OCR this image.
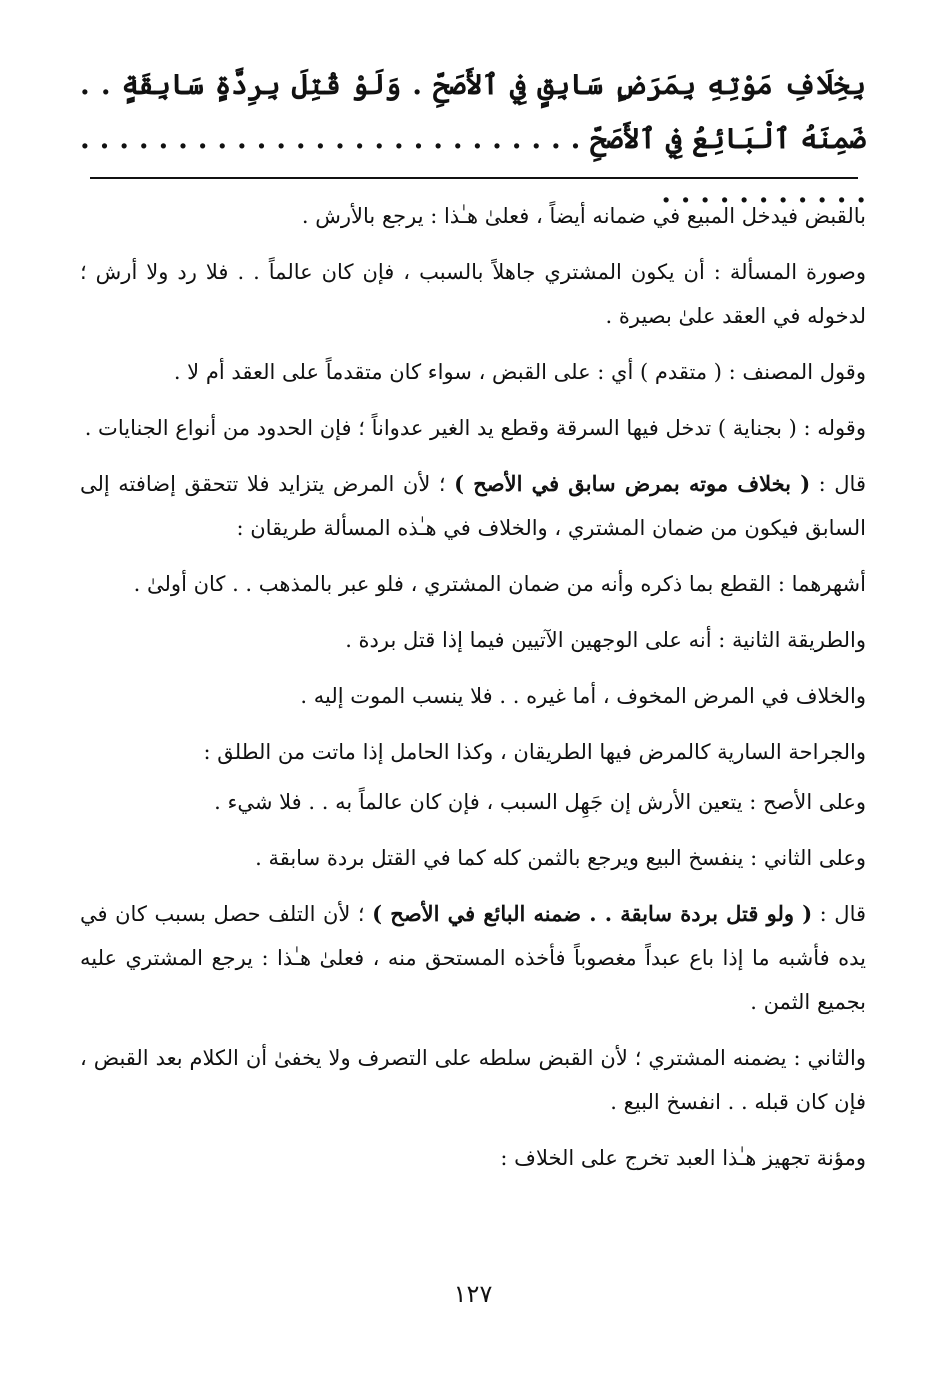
بِخِلَافِ مَوْتِهِ بِمَرَضٍ سَابِقٍ فِي ٱلأَصَحِّ . وَلَوْ قُتِلَ بِرِدَّةٍ سَابِقَةٍ . . ضَمِنَهُ ٱلْبَائِعُ فِي ٱلأَصَحِّ . . . . . . . . . . . . . . . . . . . . . . . . . . . . . . . . . . . . .

بالقبض فيدخل المبيع في ضمانه أيضاً ، فعلىٰ هـٰذا : يرجع بالأرش .

وصورة المسألة : أن يكون المشتري جاهلاً بالسبب ، فإن كان عالماً . . فلا رد ولا أرش ؛ لدخوله في العقد علىٰ بصيرة .

وقول المصنف : ( متقدم ) أي : على القبض ، سواء كان متقدماً على العقد أم لا .

وقوله : ( بجناية ) تدخل فيها السرقة وقطع يد الغير عدواناً ؛ فإن الحدود من أنواع الجنايات .

قال : ( بخلاف موته بمرض سابق في الأصح ) ؛ لأن المرض يتزايد فلا تتحقق إضافته إلى السابق فيكون من ضمان المشتري ، والخلاف في هـٰذه المسألة طريقان :

أشهرهما : القطع بما ذكره وأنه من ضمان المشتري ، فلو عبر بالمذهب . . كان أولىٰ .

والطريقة الثانية : أنه على الوجهين الآتيين فيما إذا قتل بردة .

والخلاف في المرض المخوف ، أما غيره . . فلا ينسب الموت إليه .

والجراحة السارية كالمرض فيها الطريقان ، وكذا الحامل إذا ماتت من الطلق :

وعلى الأصح : يتعين الأرش إن جَهِل السبب ، فإن كان عالماً به . . فلا شيء .

وعلى الثاني : ينفسخ البيع ويرجع بالثمن كله كما في القتل بردة سابقة .

قال : ( ولو قتل بردة سابقة . . ضمنه البائع في الأصح ) ؛ لأن التلف حصل بسبب كان في يده فأشبه ما إذا باع عبداً مغصوباً فأخذه المستحق منه ، فعلىٰ هـٰذا : يرجع المشتري عليه بجميع الثمن .

والثاني : يضمنه المشتري ؛ لأن القبض سلطه على التصرف ولا يخفىٰ أن الكلام بعد القبض ، فإن كان قبله . . انفسخ البيع .

ومؤنة تجهيز هـٰذا العبد تخرج على الخلاف :

١٢٧
